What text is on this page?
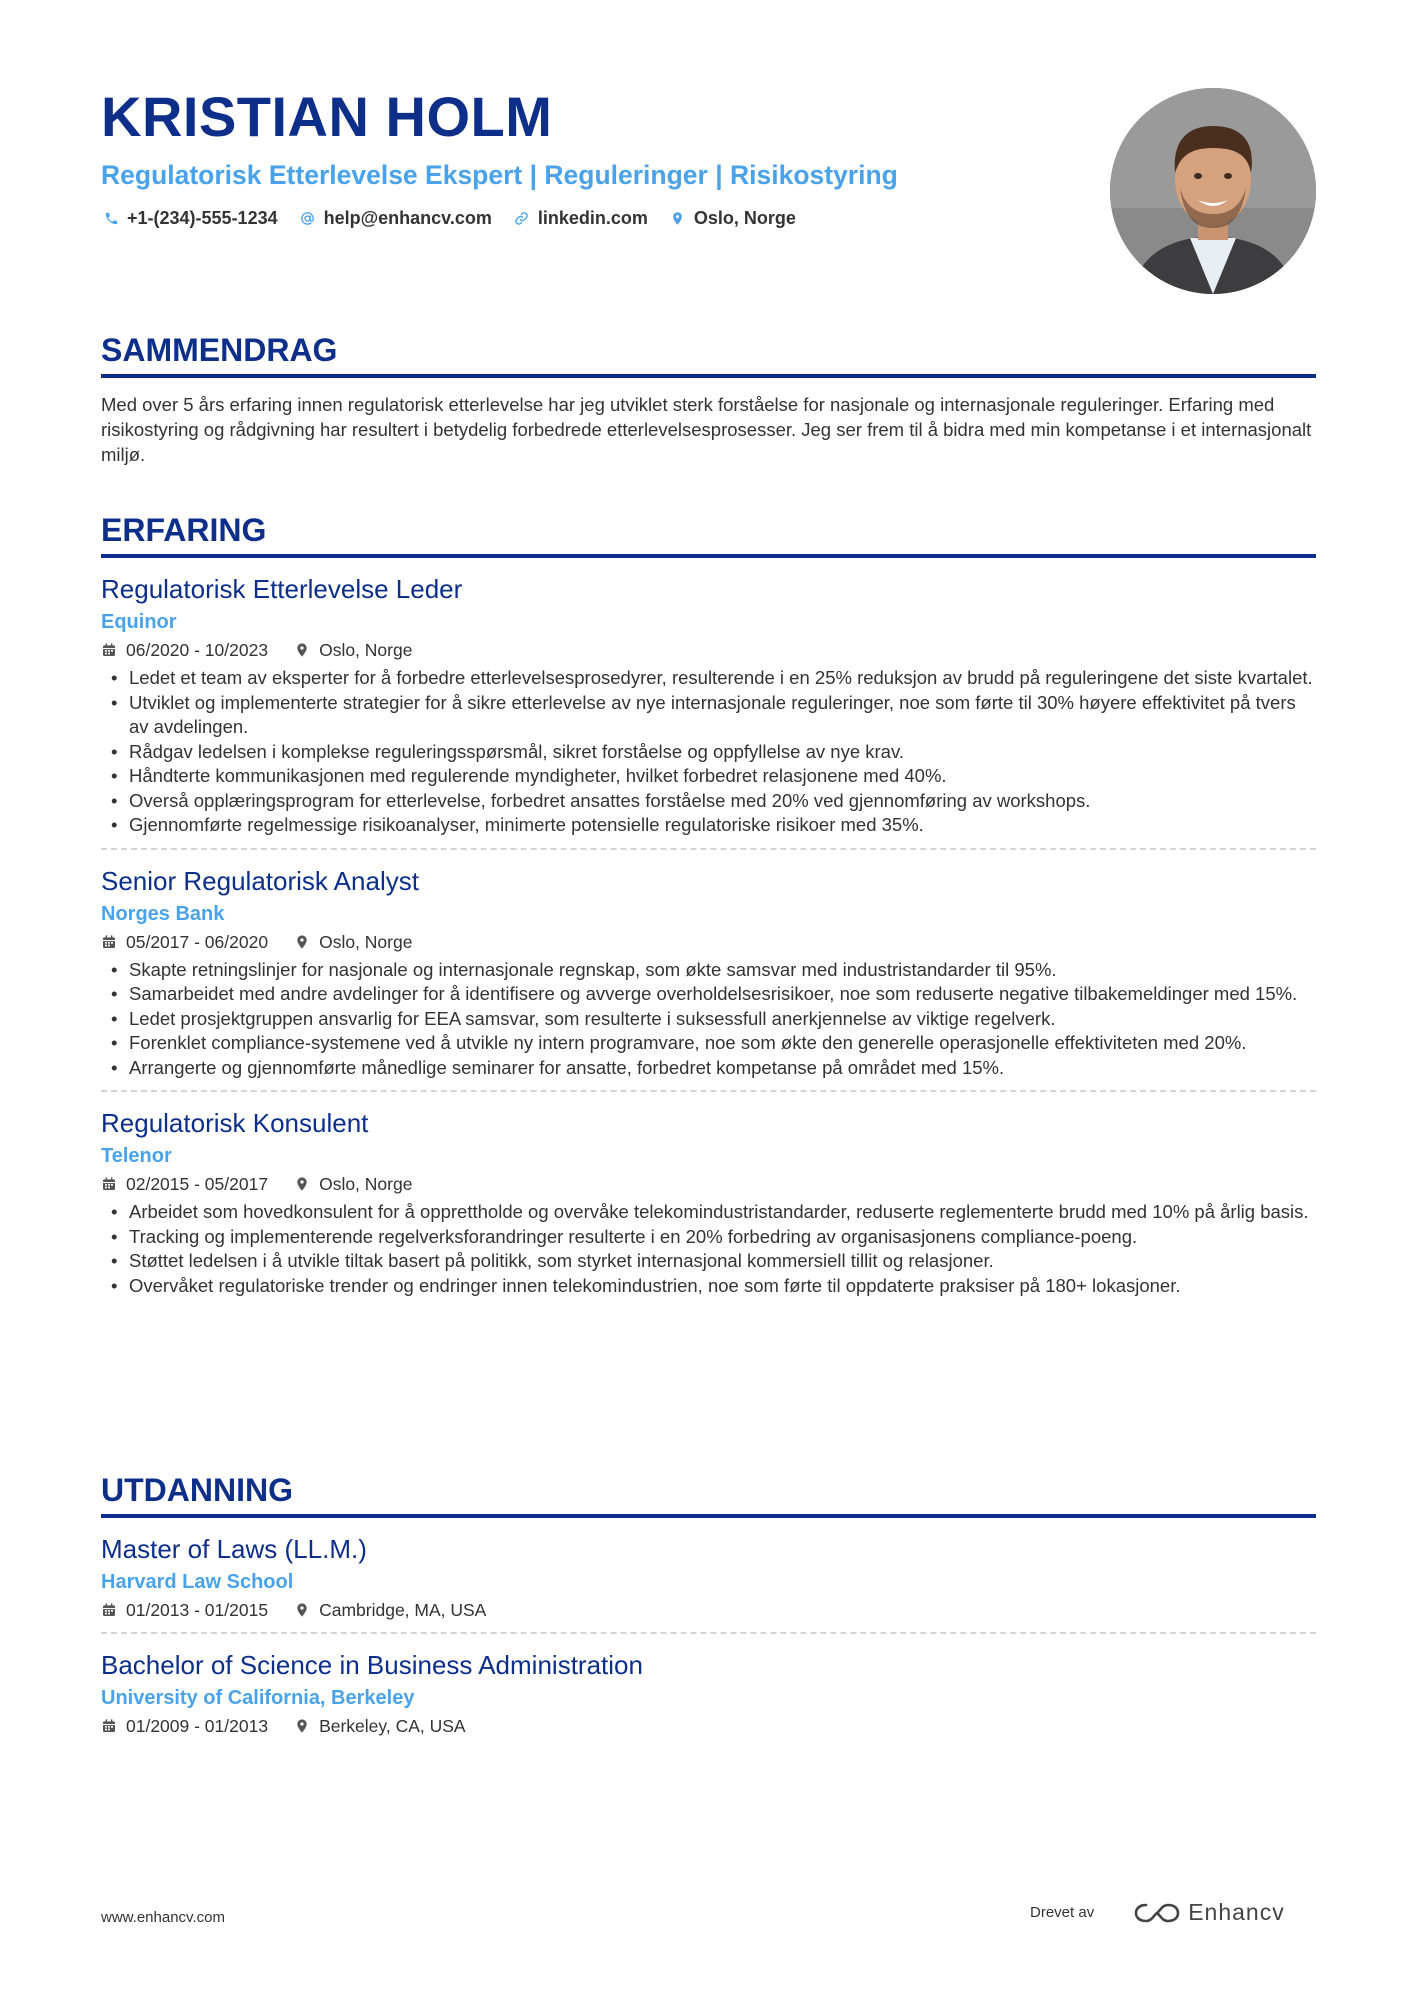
KRISTIAN HOLM
Regulatorisk Etterlevelse Ekspert | Reguleringer | Risikostyring
+1-(234)-555-1234	help@enhancv.com	linkedin.com	Oslo, Norge
SAMMENDRAG
Med over 5 års erfaring innen regulatorisk etterlevelse har jeg utviklet sterk forståelse for nasjonale og internasjonale reguleringer. Erfaring med risikostyring og rådgivning har resultert i betydelig forbedrede etterlevelsesprosesser. Jeg ser frem til å bidra med min kompetanse i et internasjonalt miljø.
ERFARING
Regulatorisk Etterlevelse Leder
Equinor
06/2020 - 10/2023	Oslo, Norge
• Ledet et team av eksperter for å forbedre etterlevelsesprosedyrer, resulterende i en 25% reduksjon av brudd på reguleringene det siste kvartalet.
• Utviklet og implementerte strategier for å sikre etterlevelse av nye internasjonale reguleringer, noe som førte til 30% høyere effektivitet på tvers av avdelingen.
• Rådgav ledelsen i komplekse reguleringsspørsmål, sikret forståelse og oppfyllelse av nye krav.
• Håndterte kommunikasjonen med regulerende myndigheter, hvilket forbedret relasjonene med 40%.
• Overså opplæringsprogram for etterlevelse, forbedret ansattes forståelse med 20% ved gjennomføring av workshops.
• Gjennomførte regelmessige risikoanalyser, minimerte potensielle regulatoriske risikoer med 35%.
Senior Regulatorisk Analyst
Norges Bank
05/2017 - 06/2020	Oslo, Norge
• Skapte retningslinjer for nasjonale og internasjonale regnskap, som økte samsvar med industristandarder til 95%.
• Samarbeidet med andre avdelinger for å identifisere og avverge overholdelsesrisikoer, noe som reduserte negative tilbakemeldinger med 15%.
• Ledet prosjektgruppen ansvarlig for EEA samsvar, som resulterte i suksessfull anerkjennelse av viktige regelverk.
• Forenklet compliance-systemene ved å utvikle ny intern programvare, noe som økte den generelle operasjonelle effektiviteten med 20%.
• Arrangerte og gjennomførte månedlige seminarer for ansatte, forbedret kompetanse på området med 15%.
Regulatorisk Konsulent
Telenor
02/2015 - 05/2017	Oslo, Norge
• Arbeidet som hovedkonsulent for å opprettholde og overvåke telekomindustristandarder, reduserte reglementerte brudd med 10% på årlig basis.
• Tracking og implementerende regelverksforandringer resulterte i en 20% forbedring av organisasjonens compliance-poeng.
• Støttet ledelsen i å utvikle tiltak basert på politikk, som styrket internasjonal kommersiell tillit og relasjoner.
• Overvåket regulatoriske trender og endringer innen telekomindustrien, noe som førte til oppdaterte praksiser på 180+ lokasjoner.
UTDANNING
Master of Laws (LL.M.)
Harvard Law School
01/2013 - 01/2015	Cambridge, MA, USA
Bachelor of Science in Business Administration
University of California, Berkeley
01/2009 - 01/2013	Berkeley, CA, USA
www.enhancv.com	Drevet av	Enhancv
